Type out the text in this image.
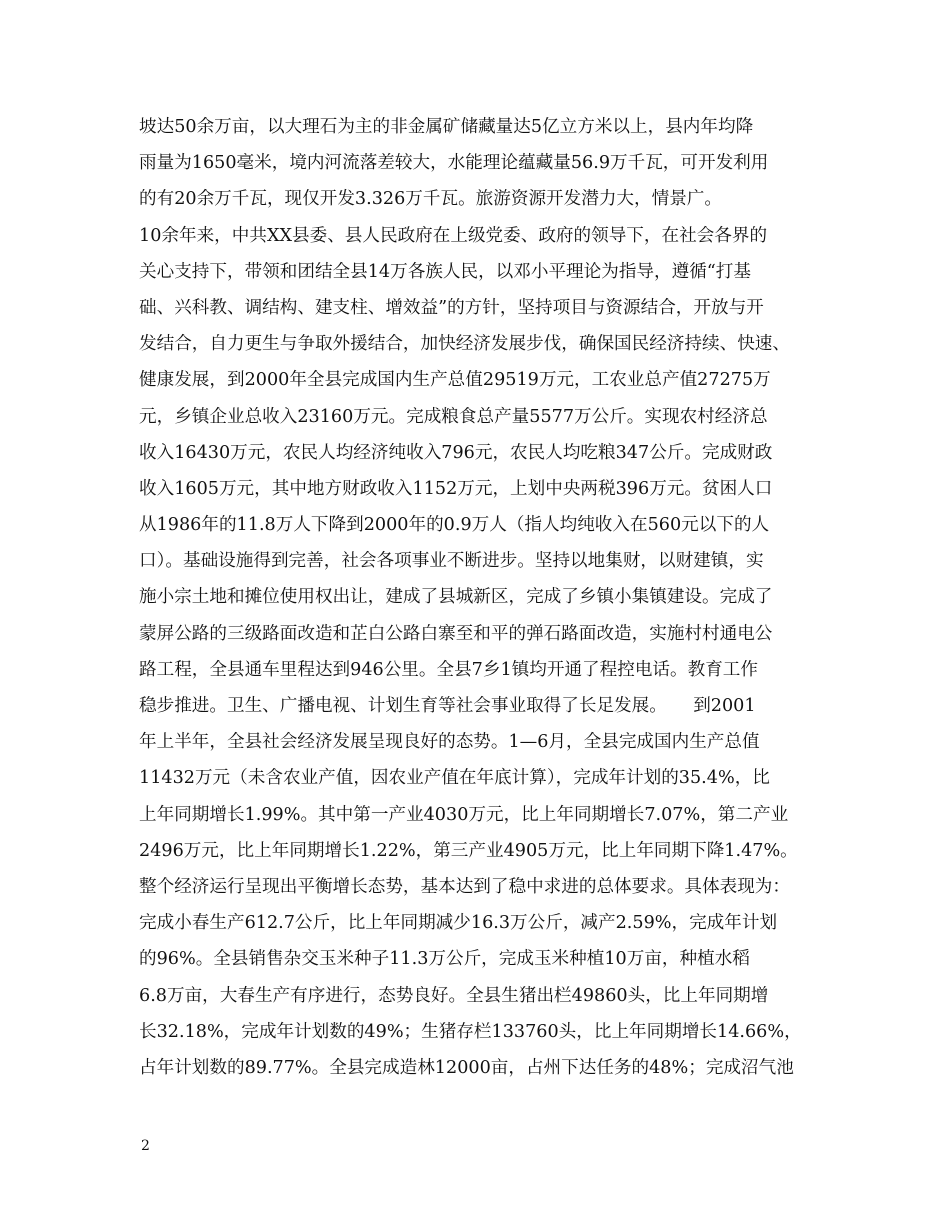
坡达50余万亩，以大理石为主的非金属矿储藏量达5亿立方米以上，县内年均降
雨量为1650毫米，境内河流落差较大，水能理论蕴藏量56.9万千瓦，可开发利用
的有20余万千瓦，现仅开发3.326万千瓦。旅游资源开发潜力大，情景广。
10余年来，中共XX县委、县人民政府在上级党委、政府的领导下，在社会各界的
关心支持下，带领和团结全县14万各族人民，以邓小平理论为指导，遵循“打基
础、兴科教、调结构、建支柱、增效益”的方针，坚持项目与资源结合，开放与开
发结合，自力更生与争取外援结合，加快经济发展步伐，确保国民经济持续、快速、
健康发展，到2000年全县完成国内生产总值29519万元，工农业总产值27275万
元，乡镇企业总收入23160万元。完成粮食总产量5577万公斤。实现农村经济总
收入16430万元，农民人均经济纯收入796元，农民人均吃粮347公斤。完成财政
收入1605万元，其中地方财政收入1152万元，上划中央两税396万元。贫困人口
从1986年的11.8万人下降到2000年的0.9万人（指人均纯收入在560元以下的人
口）。基础设施得到完善，社会各项事业不断进步。坚持以地集财，以财建镇，实
施小宗土地和摊位使用权出让，建成了县城新区，完成了乡镇小集镇建设。完成了
蒙屏公路的三级路面改造和芷白公路白寨至和平的弹石路面改造，实施村村通电公
路工程，全县通车里程达到946公里。全县7乡1镇均开通了程控电话。教育工作
稳步推进。卫生、广播电视、计划生育等社会事业取得了长足发展。　　到2001
年上半年，全县社会经济发展呈现良好的态势。1—6月，全县完成国内生产总值
11432万元（未含农业产值，因农业产值在年底计算），完成年计划的35.4%，比
上年同期增长1.99%。其中第一产业4030万元，比上年同期增长7.07%，第二产业
2496万元，比上年同期增长1.22%，第三产业4905万元，比上年同期下降1.47%。
整个经济运行呈现出平衡增长态势，基本达到了稳中求进的总体要求。具体表现为：
完成小春生产612.7公斤，比上年同期减少16.3万公斤，减产2.59%，完成年计划
的96%。全县销售杂交玉米种子11.3万公斤，完成玉米种植10万亩，种植水稻
6.8万亩，大春生产有序进行，态势良好。全县生猪出栏49860头，比上年同期增
长32.18%，完成年计划数的49%；生猪存栏133760头，比上年同期增长14.66%，
占年计划数的89.77%。全县完成造林12000亩，占州下达任务的48%；完成沼气池
2
